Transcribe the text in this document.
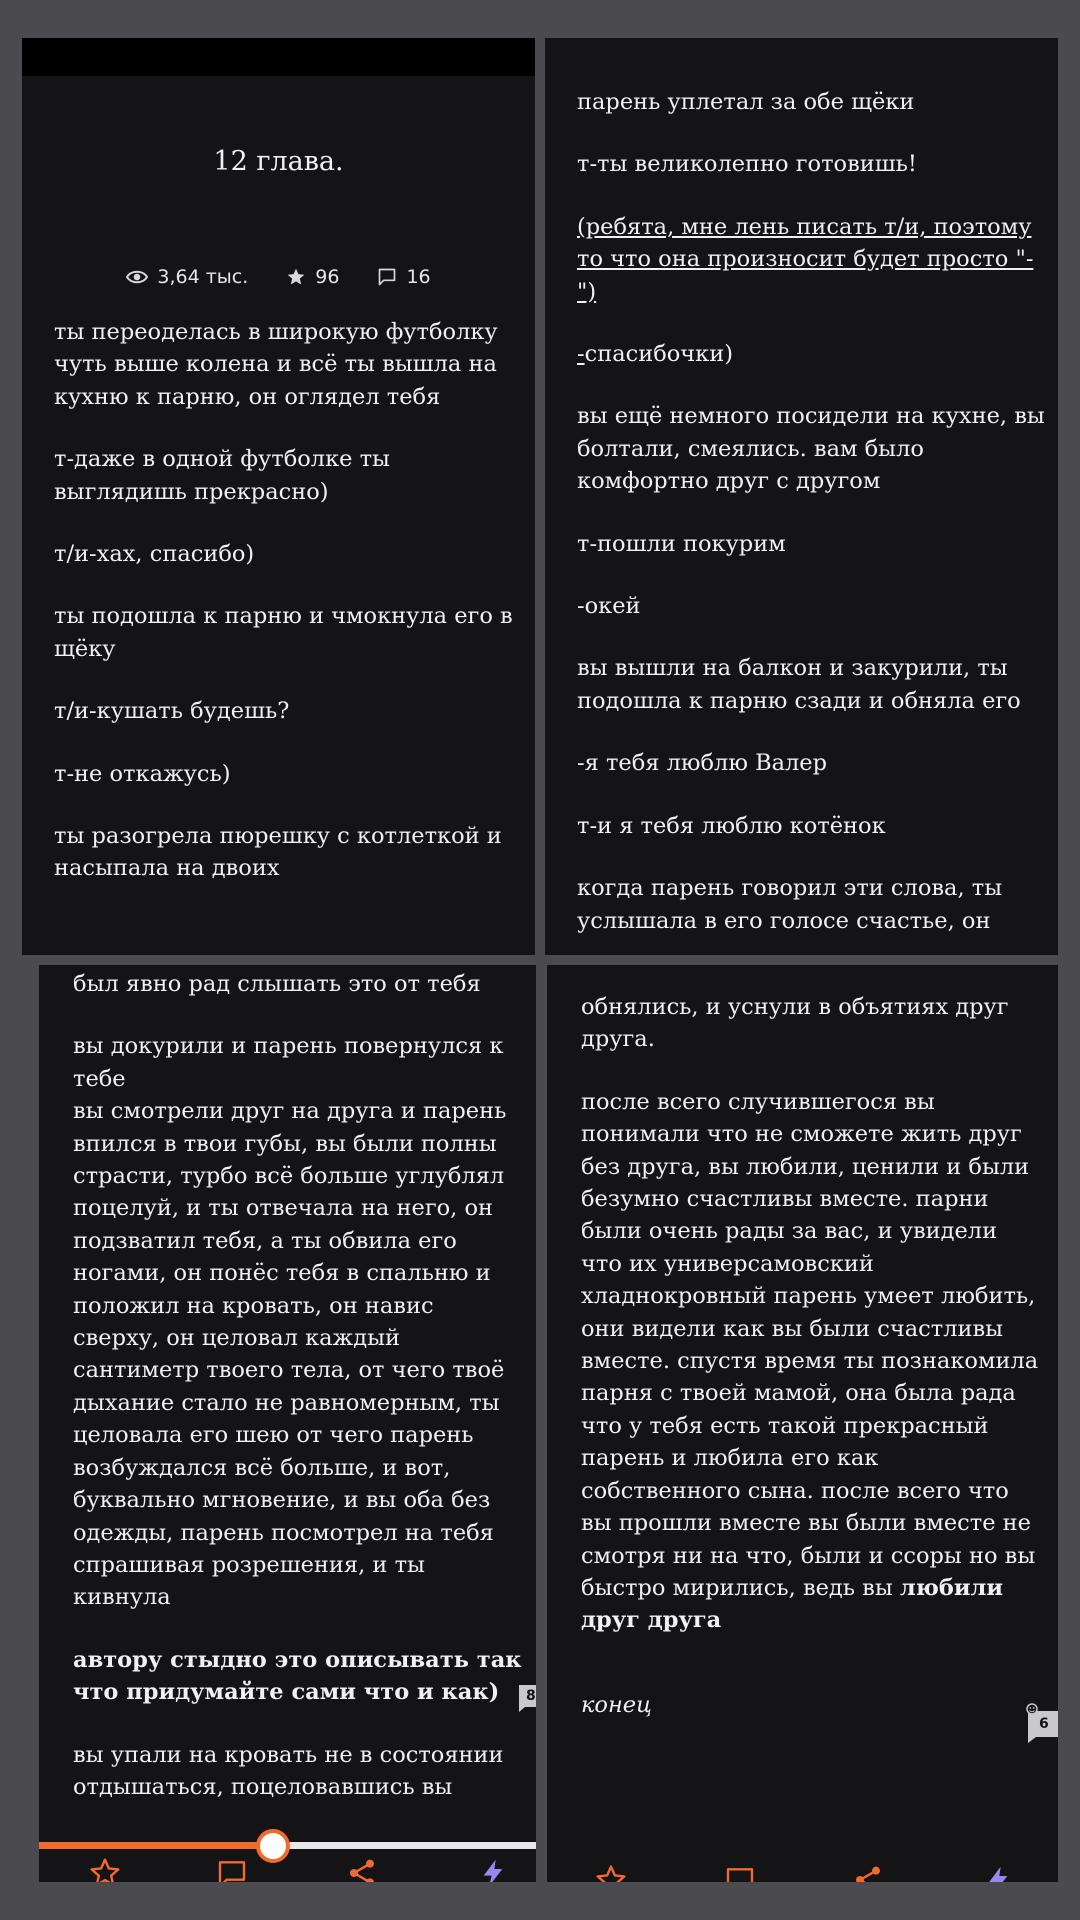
12 глава.
3,64 тыс.	96	16

ты переоделась в широкую футболку чуть выше колена и всё ты вышла на кухню к парню, он оглядел тебя

т-даже в одной футболке ты выглядишь прекрасно)

т/и-хах, спасибо)

ты подошла к парню и чмокнула его в щёку

т/и-кушать будешь?

т-не откажусь)

ты разогрела пюрешку с котлеткой и насыпала на двоих

парень уплетал за обе щёки

т-ты великолепно готовишь!

(ребята, мне лень писать т/и, поэтому то что она произносит будет просто "-")

-спасибочки)

вы ещё немного посидели на кухне, вы болтали, смеялись. вам было комфортно друг с другом

т-пошли покурим

-окей

вы вышли на балкон и закурили, ты подошла к парню сзади и обняла его

-я тебя люблю Валер

т-и я тебя люблю котёнок

когда парень говорил эти слова, ты услышала в его голосе счастье, он

был явно рад слышать это от тебя

вы докурили и парень повернулся к тебе

вы смотрели друг на друга и парень впился в твои губы, вы были полны страсти, турбо всё больше углублял поцелуй, и ты отвечала на него, он подзватил тебя, а ты обвила его ногами, он понёс тебя в спальню и положил на кровать, он навис сверху, он целовал каждый сантиметр твоего тела, от чего твоё дыхание стало не равномерным, ты целовала его шею от чего парень возбуждался всё больше, и вот, буквально мгновение, и вы оба без одежды, парень посмотрел на тебя спрашивая розрешения, и ты кивнула

автору стыдно это описывать так что придумайте сами что и как)

вы упали на кровать не в состоянии отдышаться, поцеловавшись вы

8

обнялись, и уснули в объятиях друг друга.

после всего случившегося вы понимали что не сможете жить друг без друга, вы любили, ценили и были безумно счастливы вместе. парни были очень рады за вас, и увидели что их универсамовский хладнокровный парень умеет любить, они видели как вы были счастливы вместе. спустя время ты познакомила парня с твоей мамой, она была рада что у тебя есть такой прекрасный парень и любила его как собственного сына. после всего что вы прошли вместе вы были вместе не смотря ни на что, были и ссоры но вы быстро мирились, ведь вы любили друг друга

конец

6
